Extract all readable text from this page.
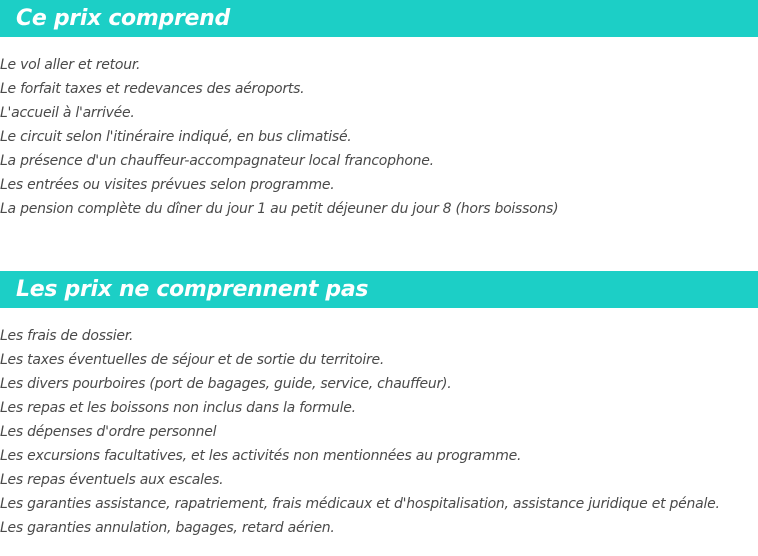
Ce prix comprend
Le vol aller et retour.
Le forfait taxes et redevances des aéroports.
L'accueil à l'arrivée.
Le circuit selon l'itinéraire indiqué, en bus climatisé.
La présence d'un chauffeur-accompagnateur local francophone.
Les entrées ou visites prévues selon programme.
La pension complète du dîner du jour 1 au petit déjeuner du jour 8 (hors boissons)
Les prix ne comprennent pas
Les frais de dossier.
Les taxes éventuelles de séjour et de sortie du territoire.
Les divers pourboires (port de bagages, guide, service, chauffeur).
Les repas et les boissons non inclus dans la formule.
Les dépenses d'ordre personnel
Les excursions facultatives, et les activités non mentionnées au programme.
Les repas éventuels aux escales.
Les garanties assistance, rapatriement, frais médicaux et d'hospitalisation, assistance juridique et pénale.
Les garanties annulation, bagages, retard aérien.
